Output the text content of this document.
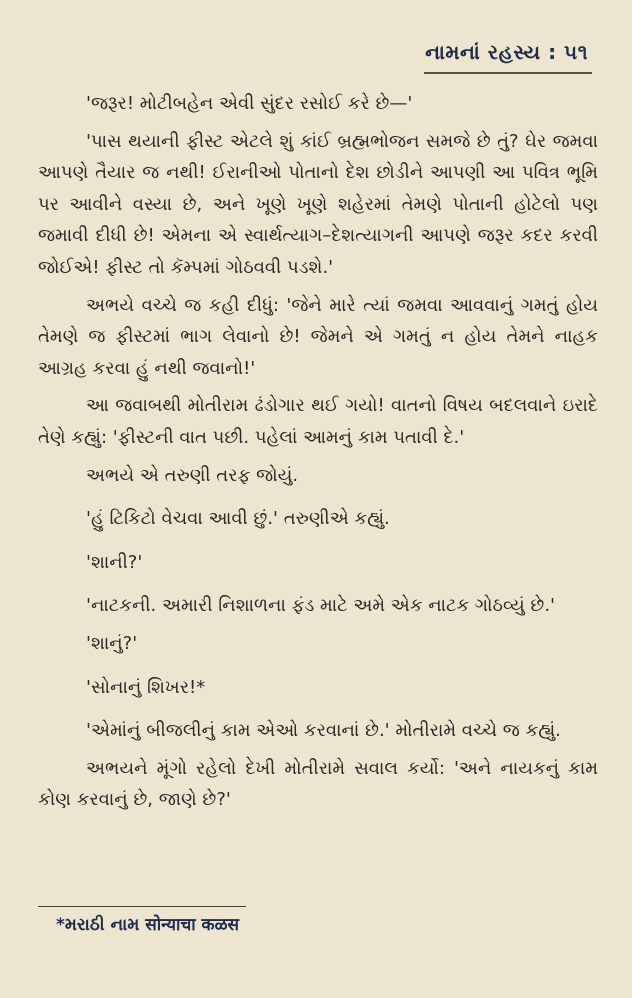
નામનાં રહસ્ય : ૫૧

'જરૂર! મોટીબહેન એવી સુંદર રસોઈ કરે છે—'

'પાસ થયાની ફીસ્ટ એટલે શું કાંઈ બ્રહ્મભોજન સમજે છે તું? ઘેર જમવા આપણે તૈયાર જ નથી! ઈરાનીઓ પોતાનો દેશ છોડીને આપણી આ પવિત્ર ભૂમિ પર આવીને વસ્યા છે, અને ખૂણે ખૂણે શહેરમાં તેમણે પોતાની હોટેલો પણ જમાવી દીધી છે! એમના એ સ્વાર્થત્યાગ–દેશત્યાગની આપણે જરૂર કદર કરવી જોઈએ! ફીસ્ટ તો કૅમ્પમાં ગોઠવવી પડશે.'

અભયે વચ્ચે જ કહી દીધું: 'જેને મારે ત્યાં જમવા આવવાનું ગમતું હોય તેમણે જ ફીસ્ટમાં ભાગ લેવાનો છે! જેમને એ ગમતું ન હોય તેમને નાહક આગ્રહ કરવા હું નથી જવાનો!'

આ જવાબથી મોતીરામ ઢંડોગાર થઈ ગયો! વાતનો વિષય બદલવાને ઇરાદે તેણે કહ્યું: 'ફીસ્ટની વાત પછી. પહેલાં આમનું કામ પતાવી દે.'

અભયે એ તરુણી તરફ જોયું.

'હું ટિકિટો વેચવા આવી છું.' તરુણીએ કહ્યું.

'શાની?'

'નાટકની. અમારી નિશાળના ફંડ માટે અમે એક નાટક ગોઠવ્યું છે.'

'શાનું?'

'સોનાનું શિખર!*

'એમાંનું બીજલીનું કામ એઓ કરવાનાં છે.' મોતીરામે વચ્ચે જ કહ્યું.

અભયને મૂંગો રહેલો દેખી મોતીરામે સવાલ કર્યો: 'અને નાયકનું કામ કોણ કરવાનું છે, જાણે છે?'

*મરાઠી નામ सोन्याचा कळस
